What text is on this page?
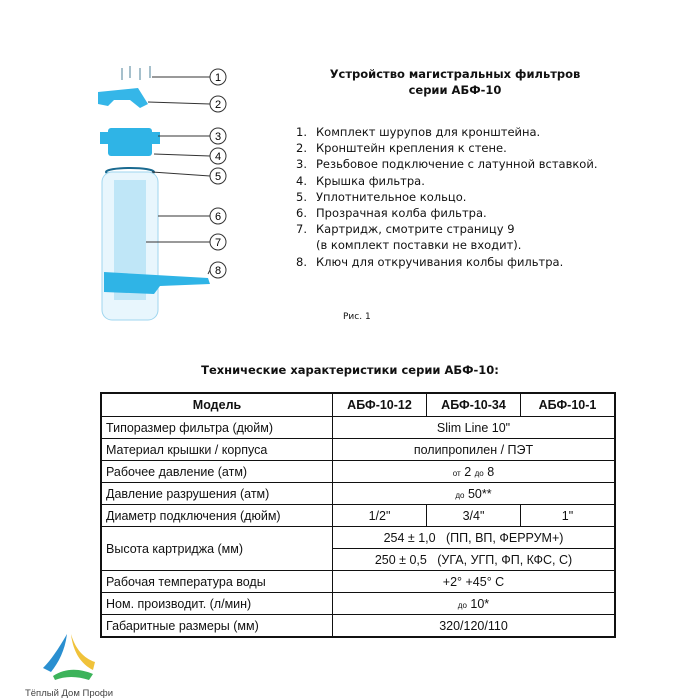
1
2
3
4
5
6
7
8
Устройство магистральных фильтров
серии АБФ-10
1. Комплект шурупов для кронштейна.
2. Кронштейн крепления к стене.
3. Резьбовое подключение с латунной вставкой.
4. Крышка фильтра.
5. Уплотнительное кольцо.
6. Прозрачная колба фильтра.
7. Картридж, смотрите страницу 9
(в комплект поставки не входит).
8. Ключ для откручивания колбы фильтра.
Рис. 1
Технические характеристики серии АБФ-10:
Модель	АБФ-10-12	АБФ-10-34	АБФ-10-1
Типоразмер фильтра (дюйм)	Slim Line 10"		
Материал крышки / корпуса	полипропилен / ПЭТ		
Рабочее давление (атм)	от 2 до 8		
Давление разрушения (атм)	до 50**		
Диаметр подключения (дюйм)	1/2"	3/4"	1"
Высота картриджа (мм)	254 ± 1,0   (ПП, ВП, ФЕРРУМ+)		
	250 ± 0,5   (УГА, УГП, ФП, КФС, С)		
Рабочая температура воды	+2° +45° С		
Ном. производит. (л/мин)	до 10*		
Габаритные размеры (мм)	320/120/110		
Тёплый Дом Профи
